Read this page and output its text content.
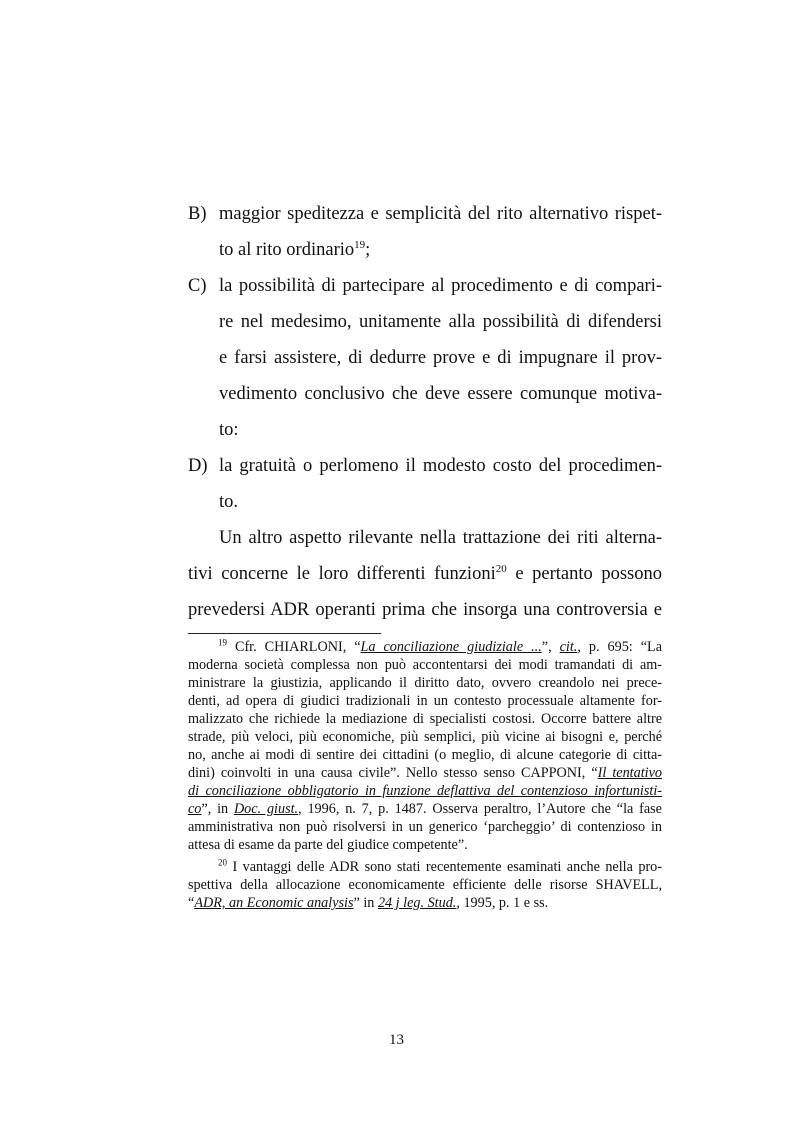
B) maggior speditezza e semplicità del rito alternativo rispet-
to al rito ordinario$^{19}$;
C) la possibilità di partecipare al procedimento e di compari-
re nel medesimo, unitamente alla possibilità di difendersi
e farsi assistere, di dedurre prove e di impugnare il prov-
vedimento conclusivo che deve essere comunque motiva-
to:
D) la gratuità o perlomeno il modesto costo del procedimen-
to.
Un altro aspetto rilevante nella trattazione dei riti alterna-
tivi concerne le loro differenti funzioni$^{20}$ e pertanto possono
prevedersi ADR operanti prima che insorga una controversia e
$^{19}$ Cfr. CHIARLONI, “La conciliazione giudiziale ...”, cit., p. 695: “La
moderna società complessa non può accontentarsi dei modi tramandati di am-
ministrare la giustizia, applicando il diritto dato, ovvero creandolo nei prece-
denti, ad opera di giudici tradizionali in un contesto processuale altamente for-
malizzato che richiede la mediazione di specialisti costosi. Occorre battere altre
strade, più veloci, più economiche, più semplici, più vicine ai bisogni e, perché
no, anche ai modi di sentire dei cittadini (o meglio, di alcune categorie di citta-
dini) coinvolti in una causa civile”. Nello stesso senso CAPPONI, “Il tentativo
di conciliazione obbligatorio in funzione deflattiva del contenzioso infortunisti-
co”, in Doc. giust., 1996, n. 7, p. 1487. Osserva peraltro, l’Autore che “la fase
amministrativa non può risolversi in un generico ‘parcheggio’ di contenzioso in
attesa di esame da parte del giudice competente”.
$^{20}$ I vantaggi delle ADR sono stati recentemente esaminati anche nella pro-
spettiva della allocazione economicamente efficiente delle risorse SHAVELL,
“ADR, an Economic analysis” in 24 j leg. Stud., 1995, p. 1 e ss.
13
